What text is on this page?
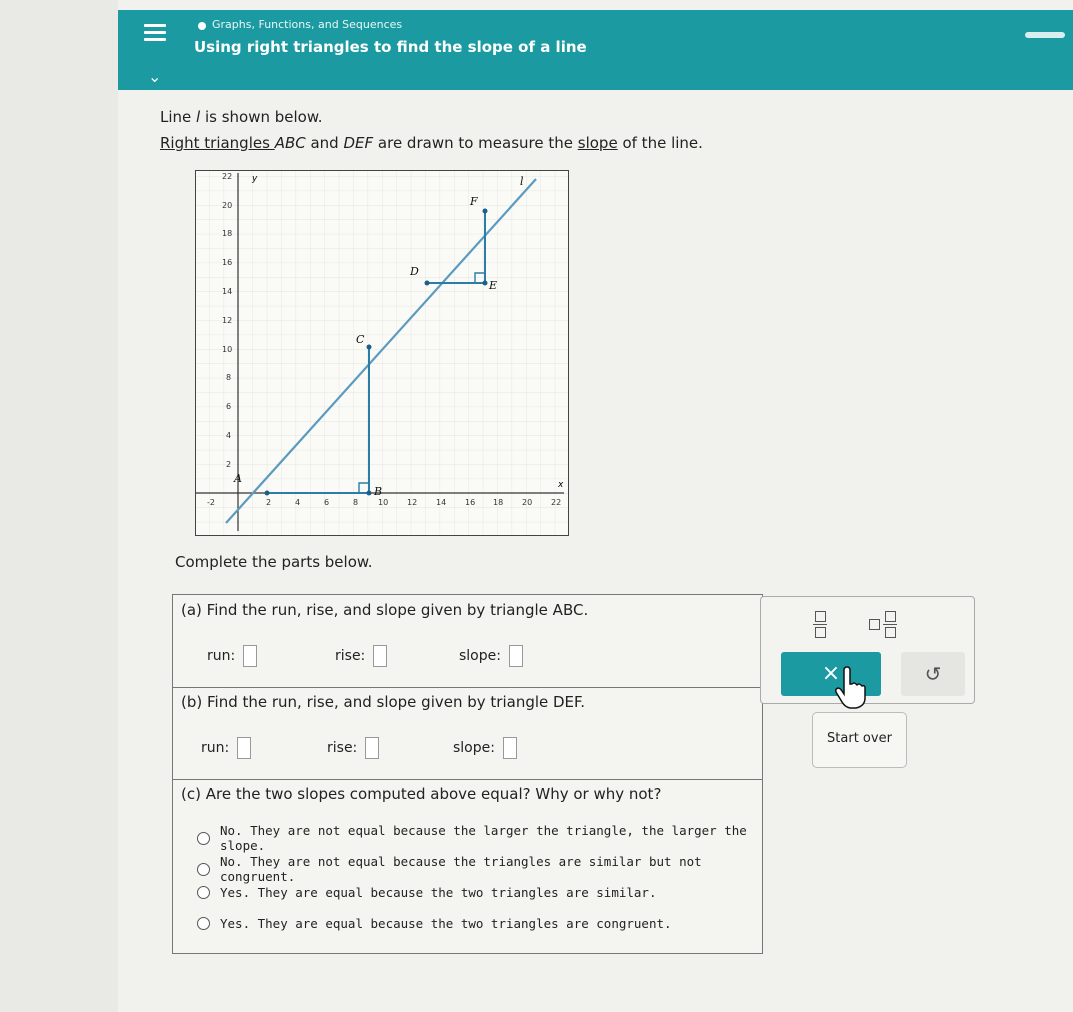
Graphs, Functions, and Sequences
Using right triangles to find the slope of a line
⌄
Line l is shown below.
Right triangles ABC and DEF are drawn to measure the slope of the line.
x
y
-2	2	4	6	8 10 12 14 16 18 20 22
2
4
6
8
10
12
14
16
18
20
22
A
B
C
D
E
F
l
Complete the parts below.
(a) Find the run, rise, and slope given by triangle ABC.
run:	rise:	slope:
(b) Find the run, rise, and slope given by triangle DEF.
run:	rise:	slope:
(c) Are the two slopes computed above equal? Why or why not?
No. They are not equal because the larger the triangle, the larger the slope.
No. They are not equal because the triangles are similar but not congruent.
Yes. They are equal because the two triangles are similar.
Yes. They are equal because the two triangles are congruent.
×	↺
Start over
